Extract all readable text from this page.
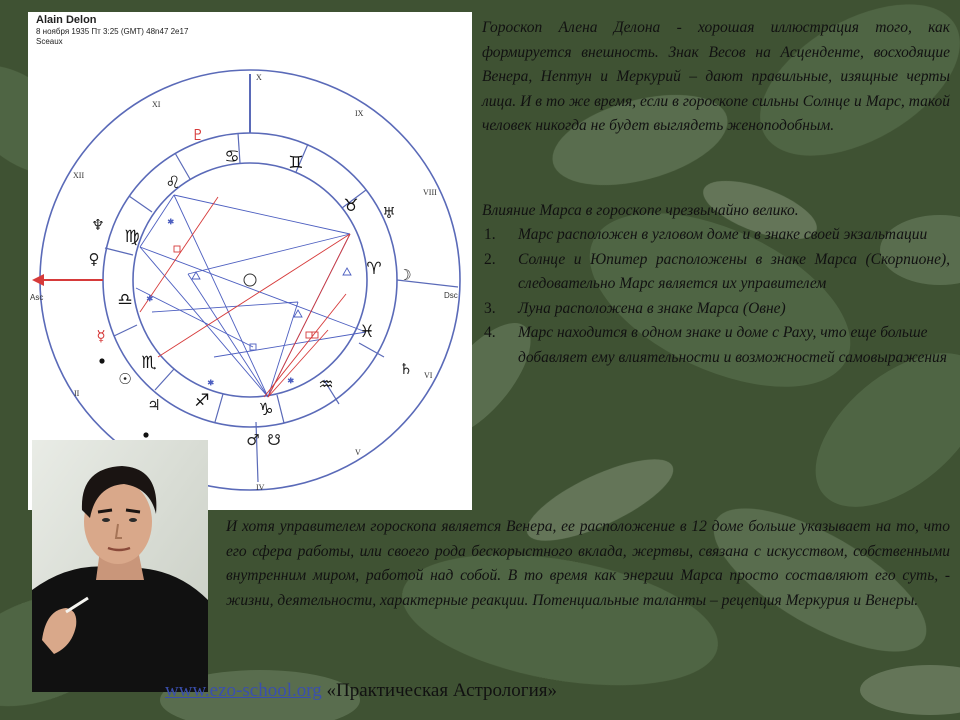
*
*
*	*
X
XI
IX
XII
VIII
II
VI
V
IV
Asc	Dsc
♋	♊
♉
♈
♓
♒
♑
♐
♏
♎
♍
♌
♇
♆
♀
☿
☉
♃
♂ ☋
♄
☽
♅
Alain Delon
8 ноября 1935 Пт 3:25 (GMT) 48n47 2e17
Sceaux
Гороскоп Алена Делона - хорошая иллюстрация того, как формируется внешность. Знак Весов на Асценденте, восходящие Венера, Нептун и Меркурий – дают правильные, изящные черты лица. И в то же время, если в гороскопе сильны Солнце и Марс, такой человек никогда не будет выглядеть женоподобным.
Влияние Марса в гороскопе чрезвычайно велико.
1. Марс расположен в угловом доме и в знаке своей экзальтации
2. Солнце и Юпитер расположены в знаке Марса (Скорпионе), следовательно Марс является их управителем
3. Луна расположена в знаке Марса (Овне)
4. Марс находится в одном знаке и доме с Раху, что еще больше добавляет ему влиятельности и возможностей самовыражения
И хотя управителем гороскопа является Венера, ее расположение в 12 доме больше указывает на то, что его сфера работы, или своего рода бескорыстного вклада, жертвы, связана с искусством, собственными внутренним миром, работой над собой. В то время как энергии Марса просто составляют его суть, - жизни, деятельности, характерные реакции. Потенциальные таланты – рецепция Меркурия и Венеры.
www.ezo-school.org «Практическая Астрология»
